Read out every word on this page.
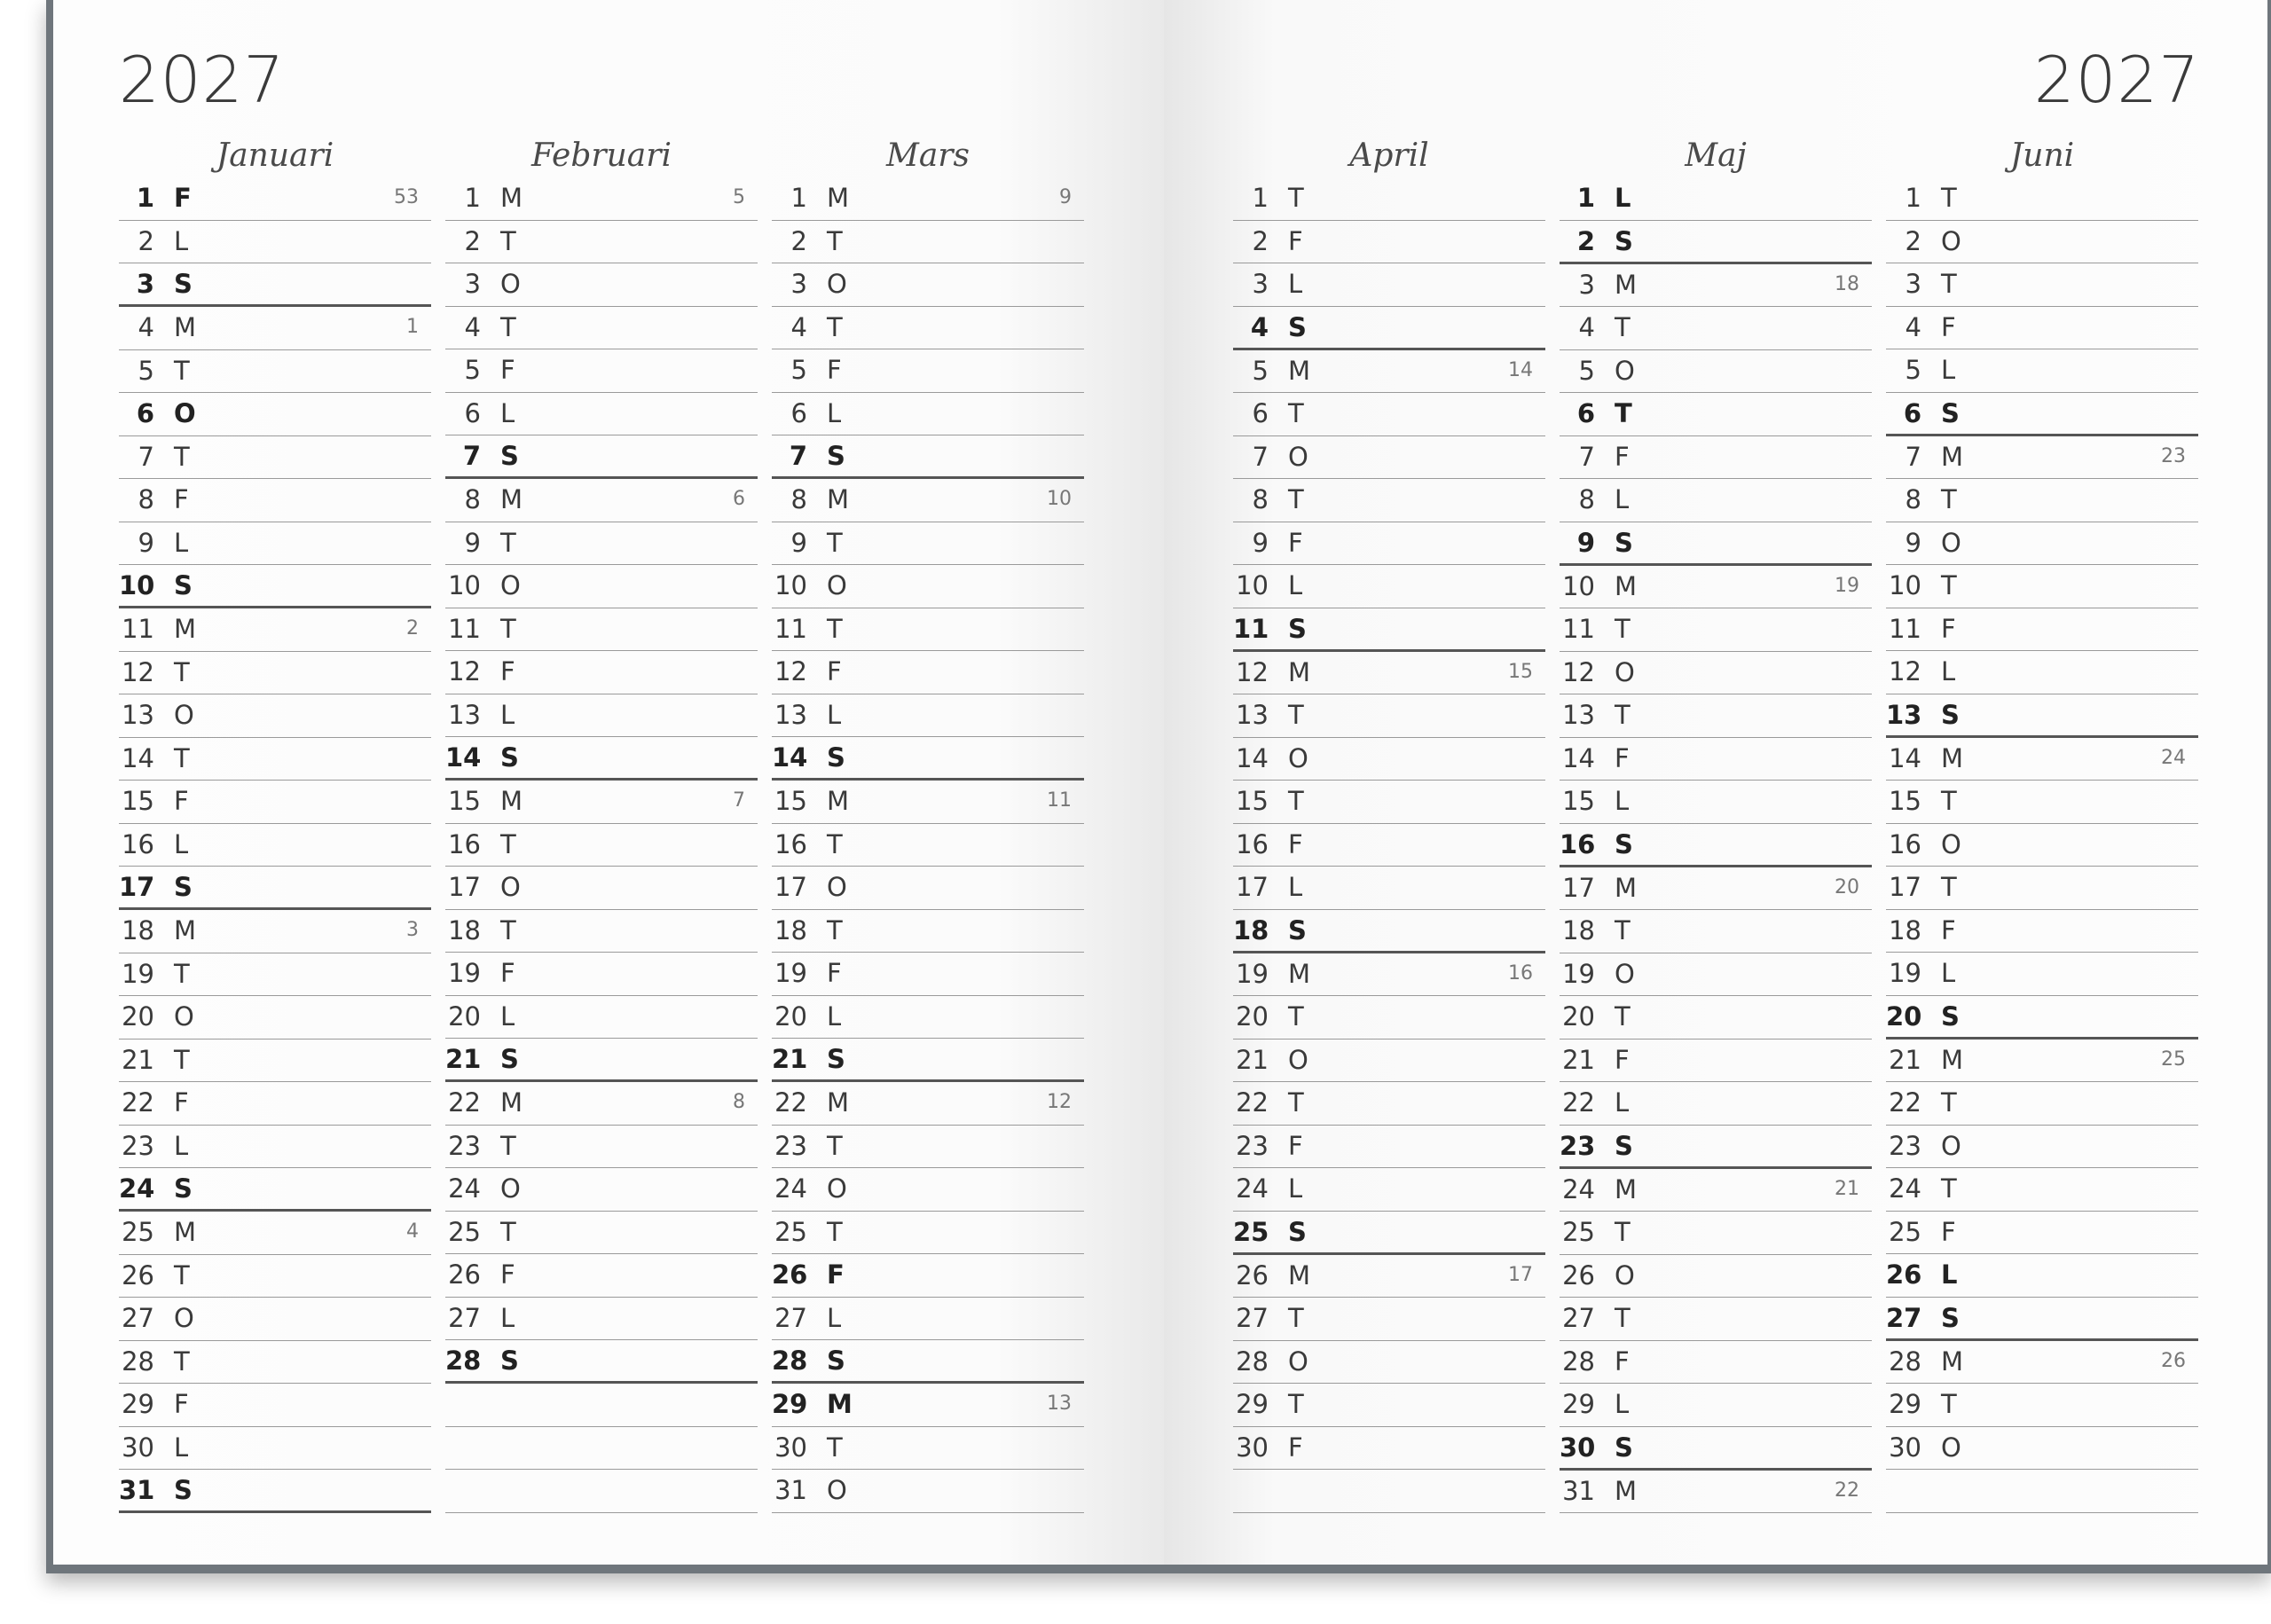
2027
Januari
1 F	53
2 L
3 S
4 M	1
5 T
6 O
7 T
8 F
9 L
10 S
11 M	2
12 T
13 O
14 T
15 F
16 L
17 S
18 M	3
19 T
20 O
21 T
22 F
23 L
24 S
25 M	4
26 T
27 O
28 T
29 F
30 L
31 S
Februari
1 M	5
2 T
3 O
4 T
5 F
6 L
7 S
8 M	6
9 T
10 O
11 T
12 F
13 L
14 S
15 M	7
16 T
17 O
18 T
19 F
20 L
21 S
22 M	8
23 T
24 O
25 T
26 F
27 L
28 S
Mars
1 M	9
2 T
3 O
4 T
5 F
6 L
7 S
8 M	10
9 T
10 O
11 T
12 F
13 L
14 S
15 M	11
16 T
17 O
18 T
19 F
20 L
21 S
22 M	12
23 T
24 O
25 T
26 F
27 L
28 S
29 M	13
30 T
31 O
2027
April
1 T
2 F
3 L
4 S
5 M	14
6 T
7 O
8 T
9 F
10 L
11 S
12 M	15
13 T
14 O
15 T
16 F
17 L
18 S
19 M	16
20 T
21 O
22 T
23 F
24 L
25 S
26 M	17
27 T
28 O
29 T
30 F
Maj
1 L
2 S
3 M	18
4 T
5 O
6 T
7 F
8 L
9 S
10 M	19
11 T
12 O
13 T
14 F
15 L
16 S
17 M	20
18 T
19 O
20 T
21 F
22 L
23 S
24 M	21
25 T
26 O
27 T
28 F
29 L
30 S
31 M	22
Juni
1 T
2 O
3 T
4 F
5 L
6 S
7 M	23
8 T
9 O
10 T
11 F
12 L
13 S
14 M	24
15 T
16 O
17 T
18 F
19 L
20 S
21 M	25
22 T
23 O
24 T
25 F
26 L
27 S
28 M	26
29 T
30 O
